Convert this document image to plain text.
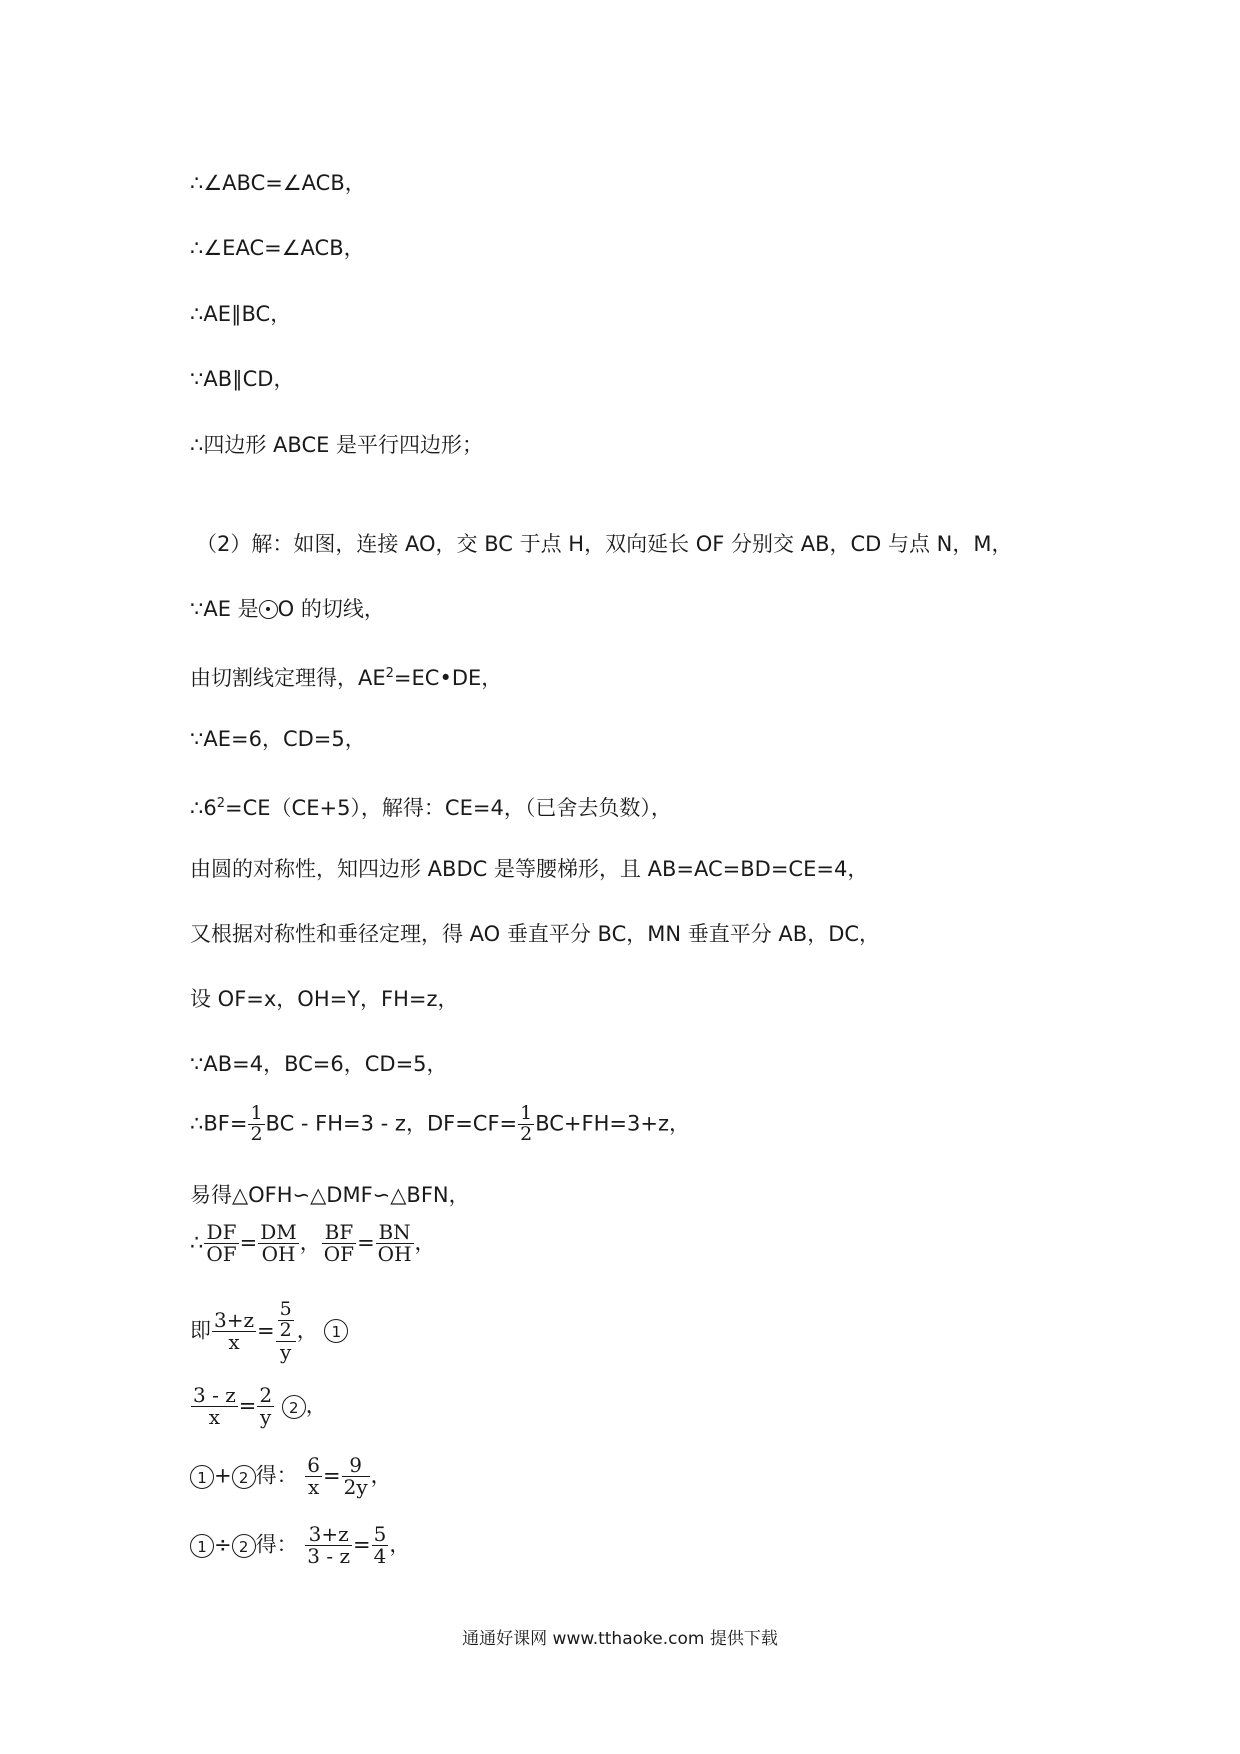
∴∠ABC=∠ACB，
∴∠EAC=∠ACB，
∴AE∥BC，
∵AB∥CD，
∴四边形 ABCE 是平行四边形；
（2）解：如图，连接 AO，交 BC 于点 H，双向延长 OF 分别交 AB，CD 与点 N，M，
∵AE 是 O 的切线，
由切割线定理得，$AE^2=EC•DE$，
∵AE=6，CD=5，
$\therefore 6^2=CE(CE+5)$，解得：CE=4，（已舍去负数），
由圆的对称性，知四边形 ABDC 是等腰梯形，且 AB=AC=BD=CE=4，
又根据对称性和垂径定理，得 AO 垂直平分 BC，MN 垂直平分 AB，DC，
设 OF=x，OH=Y，FH=z，
∵AB=4，BC=6，CD=5，
∴BF= $\frac{1}{2}$ BC - FH=3 - z，$DF=CF= \frac{1}{2} BC+FH=3+z$，
易得△OFH∽△DMF∽△BFN，
∴ $\frac{DF}{OF} = \frac{DM}{OH}$ ， $\frac{BF}{OF} = \frac{BN}{OH}$ ，
即 $\frac{3+z}{x} = \frac{\frac{5}{2}}{y}$ ， 1
$\frac{3 - z}{x} = \frac{2}{y} 2$ ，
1 + 2 得： $\frac{6}{x} = \frac{9}{2y}$ ，
1 ÷ 2 得： $\frac{3+z}{3 - z} = \frac{5}{4}$ ，
通通好课网 www.tthaoke.com 提供下载
